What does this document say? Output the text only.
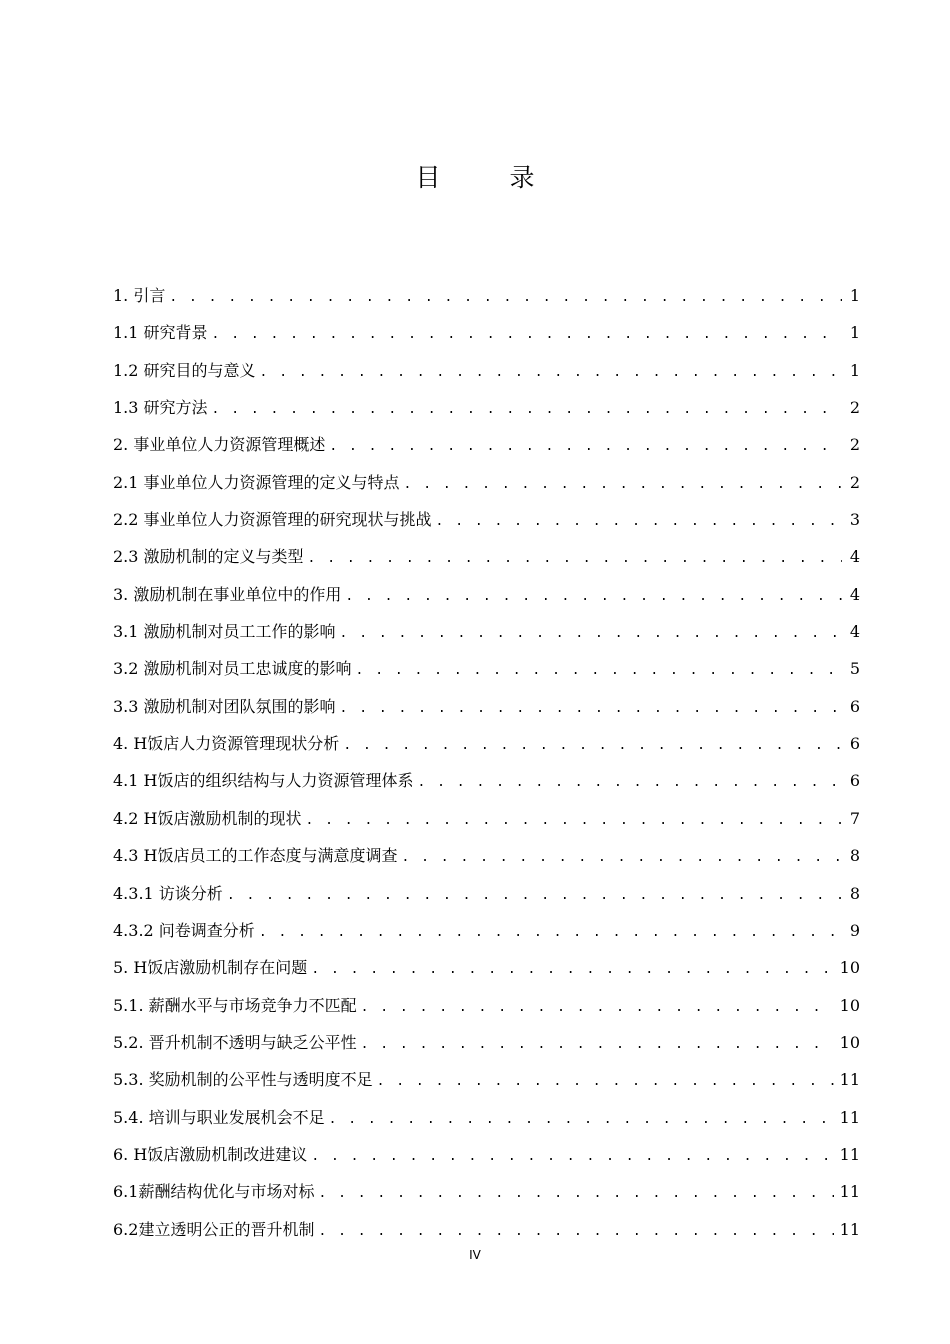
目　录
1. 引言 . . .	1
1.1 研究背景 . . .	1
1.2 研究目的与意义 . . .	1
1.3 研究方法 . . .	2
2. 事业单位人力资源管理概述 . . .	2
2.1 事业单位人力资源管理的定义与特点 . . .	2
2.2 事业单位人力资源管理的研究现状与挑战 . . .	3
2.3 激励机制的定义与类型 . . .	4
3. 激励机制在事业单位中的作用 . . .	4
3.1 激励机制对员工工作的影响 . . .	4
3.2 激励机制对员工忠诚度的影响 . . .	5
3.3 激励机制对团队氛围的影响 . . .	6
4. H饭店人力资源管理现状分析 . . .	6
4.1 H饭店的组织结构与人力资源管理体系 . . .	6
4.2 H饭店激励机制的现状 . . .	7
4.3 H饭店员工的工作态度与满意度调查 . . .	8
4.3.1 访谈分析 . . .	8
4.3.2 问卷调查分析 . . .	9
5. H饭店激励机制存在问题 . . .	10
5.1. 薪酬水平与市场竞争力不匹配 . . .	10
5.2. 晋升机制不透明与缺乏公平性 . . .	10
5.3. 奖励机制的公平性与透明度不足 . . .	11
5.4. 培训与职业发展机会不足 . . .	11
6. H饭店激励机制改进建议 . . .	11
6.1薪酬结构优化与市场对标 . . .	11
6.2建立透明公正的晋升机制 . . .	11
IV
